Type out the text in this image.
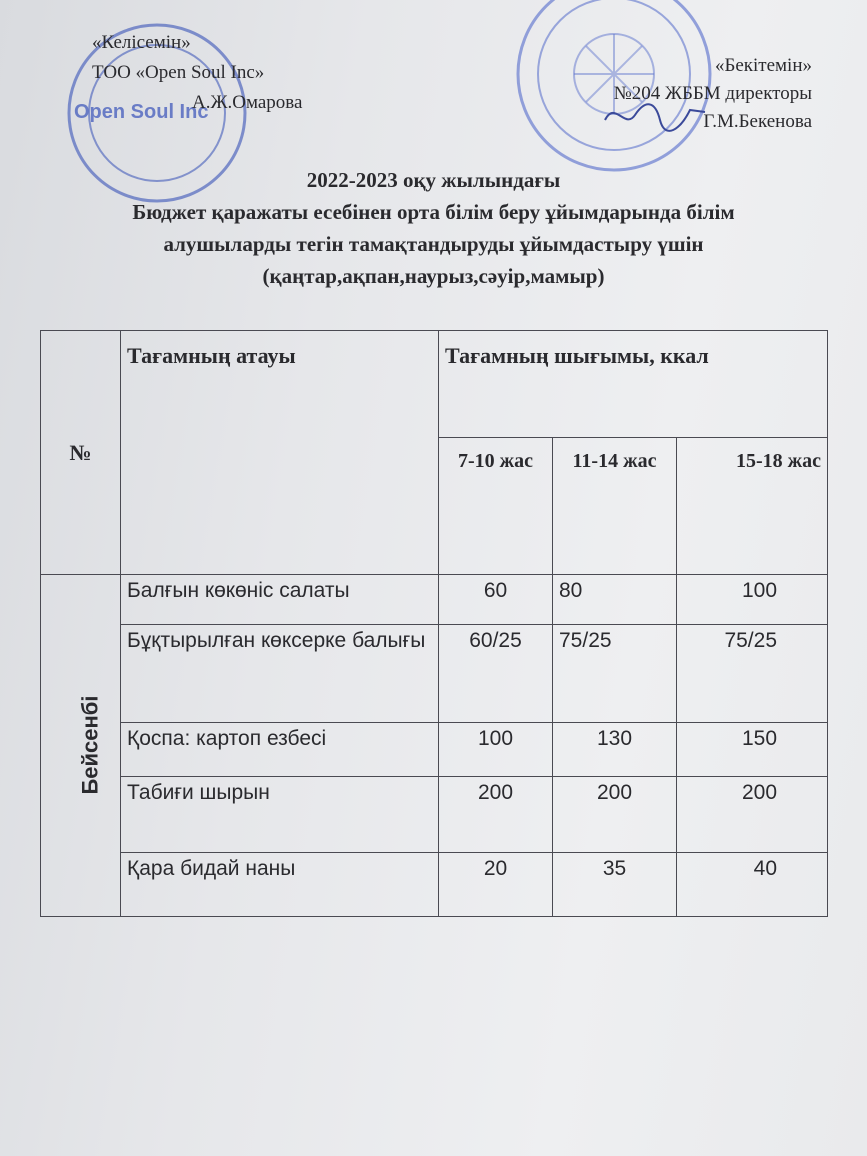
Open Soul Inc
«Келісемін»
ТОО «Open Soul Inc»
А.Ж.Омарова
«Бекітемін»
№204 ЖББМ директоры
Г.М.Бекенова
2022-2023 оқу жылындағы
Бюджет қаражаты есебінен орта білім беру ұйымдарында білім
алушыларды тегін тамақтандыруды ұйымдастыру үшін
(қаңтар,ақпан,наурыз,сәуір,мамыр)
№	Тағамның атауы	Тағамның шығымы, ккал		
		7-10 жас	11-14 жас	15-18 жас
Бейсенбі	Балғын көкөніс салаты	60	80	100
	Бұқтырылған көксерке балығы	60/25	75/25	75/25
	Қоспа: картоп езбесі	100	130	150
	Табиғи шырын	200	200	200
	Қара бидай наны	20	35	40
